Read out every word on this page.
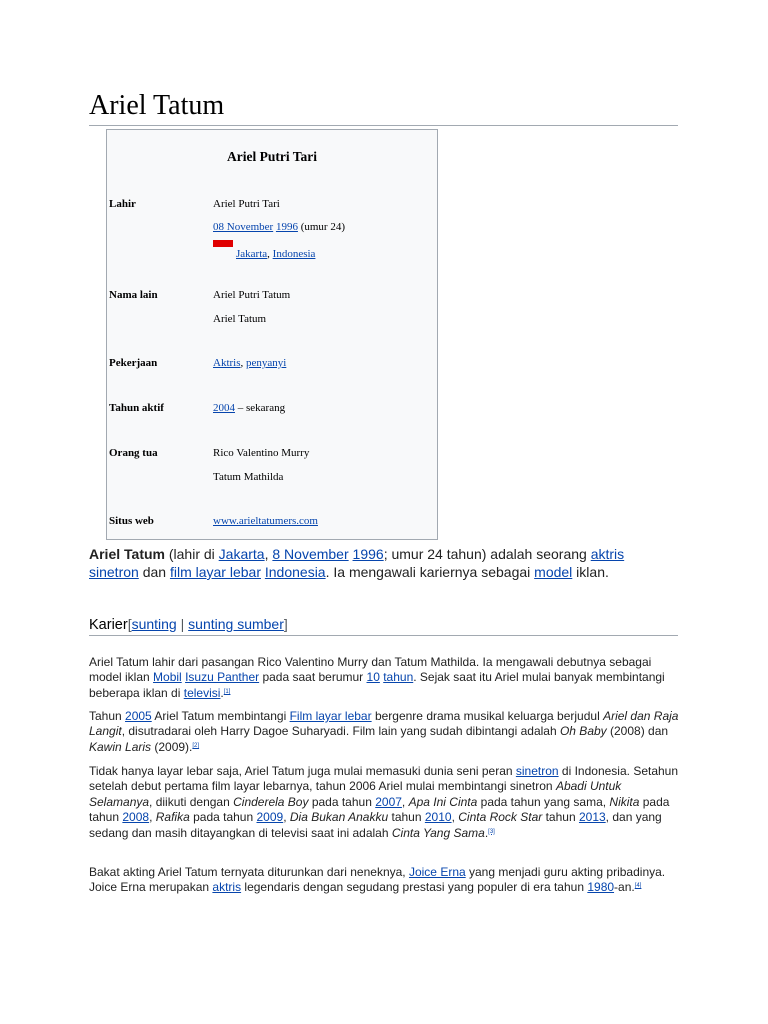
Ariel Tatum
Ariel Putri Tari
Lahir	Ariel Putri Tari
08 November 1996 (umur 24)

Jakarta, Indonesia
Nama lain	Ariel Putri Tatum
Ariel Tatum
Pekerjaan	Aktris, penyanyi
Tahun aktif	2004 – sekarang
Orang tua	Rico Valentino Murry
Tatum Mathilda
Situs web	www.arieltatumers.com

Ariel Tatum (lahir di Jakarta, 8 November 1996; umur 24 tahun) adalah seorang aktris sinetron dan film layar lebar Indonesia. Ia mengawali kariernya sebagai model iklan.

Karier[sunting | sunting sumber]

Ariel Tatum lahir dari pasangan Rico Valentino Murry dan Tatum Mathilda. Ia mengawali debutnya sebagai model iklan Mobil Isuzu Panther pada saat berumur 10 tahun. Sejak saat itu Ariel mulai banyak membintangi beberapa iklan di televisi.[1]

Tahun 2005 Ariel Tatum membintangi Film layar lebar bergenre drama musikal keluarga berjudul Ariel dan Raja Langit, disutradarai oleh Harry Dagoe Suharyadi. Film lain yang sudah dibintangi adalah Oh Baby (2008) dan Kawin Laris (2009).[2]

Tidak hanya layar lebar saja, Ariel Tatum juga mulai memasuki dunia seni peran sinetron di Indonesia. Setahun setelah debut pertama film layar lebarnya, tahun 2006 Ariel mulai membintangi sinetron Abadi Untuk Selamanya, diikuti dengan Cinderela Boy pada tahun 2007, Apa Ini Cinta pada tahun yang sama, Nikita pada tahun 2008, Rafika pada tahun 2009, Dia Bukan Anakku tahun 2010, Cinta Rock Star tahun 2013, dan yang sedang dan masih ditayangkan di televisi saat ini adalah Cinta Yang Sama.[3]

Bakat akting Ariel Tatum ternyata diturunkan dari neneknya, Joice Erna yang menjadi guru akting pribadinya. Joice Erna merupakan aktris legendaris dengan segudang prestasi yang populer di era tahun 1980-an.[4]
